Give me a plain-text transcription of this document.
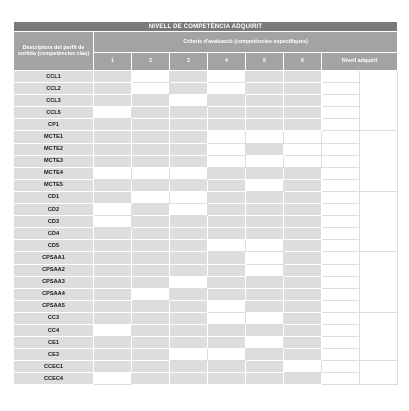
NIVELL DE COMPETÈNCIA ADQUIRIT								
Descriptors del perfil de sortida (competències clau)	Criteris d'avaluació (competències específiques)							
	1	2	3	4	5	6	Nivell adquirit	
CCL1								
CCL2								
CCL3								
CCL5								
CP1								
MCTE1								
MCTE2								
MCTE3								
MCTE4								
MCTE5								
CD1								
CD2								
CD3								
CD4								
CD5								
CPSAA1								
CPSAA2								
CPSAA3								
CPSAA4								
CPSAA5								
CC3								
CC4								
CE1								
CE3								
CCEC1								
CCEC4								
